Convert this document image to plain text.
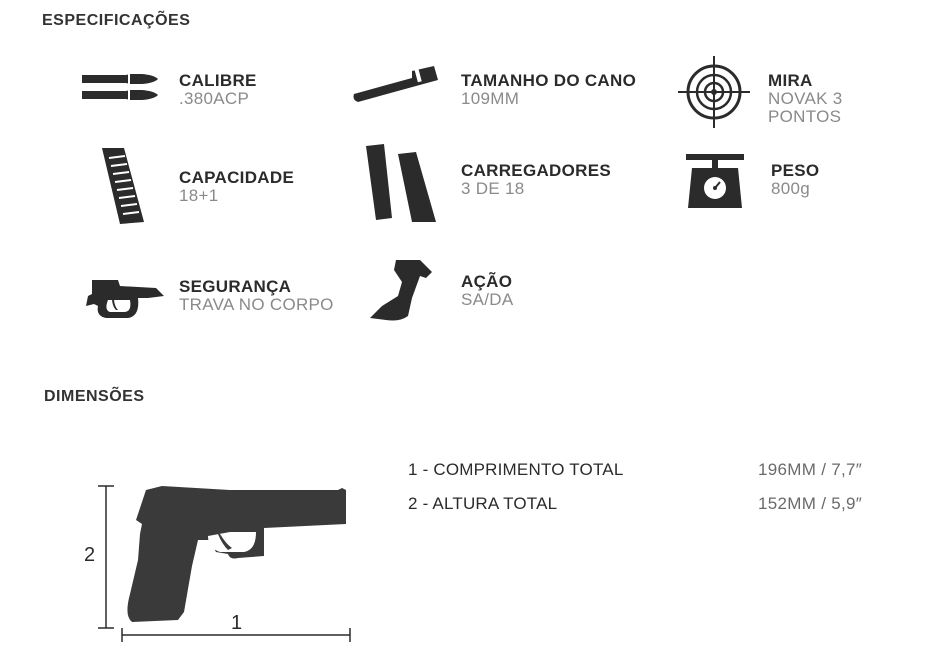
ESPECIFICAÇÕES
CALIBRE
.380ACP
TAMANHO DO CANO
109MM
MIRA
NOVAK 3
PONTOS
CAPACIDADE
18+1
CARREGADORES
3 DE 18
PESO
800g
SEGURANÇA
TRAVA NO CORPO
AÇÃO
SA/DA
DIMENSÕES
2
1
1 - COMPRIMENTO TOTAL	196MM / 7,7″
2 - ALTURA TOTAL	152MM / 5,9″
